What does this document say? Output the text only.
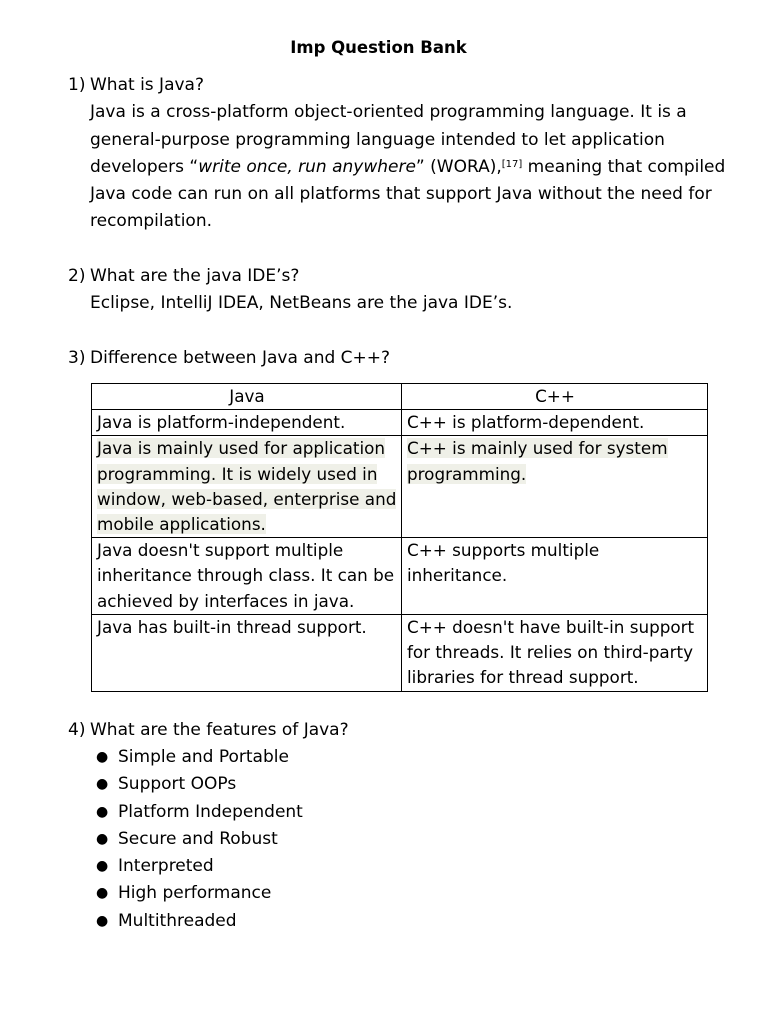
Imp Question Bank
1) What is Java?
Java is a cross-platform object-oriented programming language. It is a general-purpose programming language intended to let application developers “write once, run anywhere” (WORA),[17] meaning that compiled Java code can run on all platforms that support Java without the need for recompilation.
2) What are the java IDE’s?
Eclipse, IntelliJ IDEA, NetBeans are the java IDE’s.
3) Difference between Java and C++?
Java	C++
Java is platform-independent.	C++ is platform-dependent.
Java is mainly used for application programming. It is widely used in window, web-based, enterprise and mobile applications.	C++ is mainly used for system programming.
Java doesn't support multiple inheritance through class. It can be achieved by interfaces in java.	C++ supports multiple inheritance.
Java has built-in thread support.	C++ doesn't have built-in support for threads. It relies on third-party libraries for thread support.
4) What are the features of Java?
● Simple and Portable
● Support OOPs
● Platform Independent
● Secure and Robust
● Interpreted
● High performance
● Multithreaded
